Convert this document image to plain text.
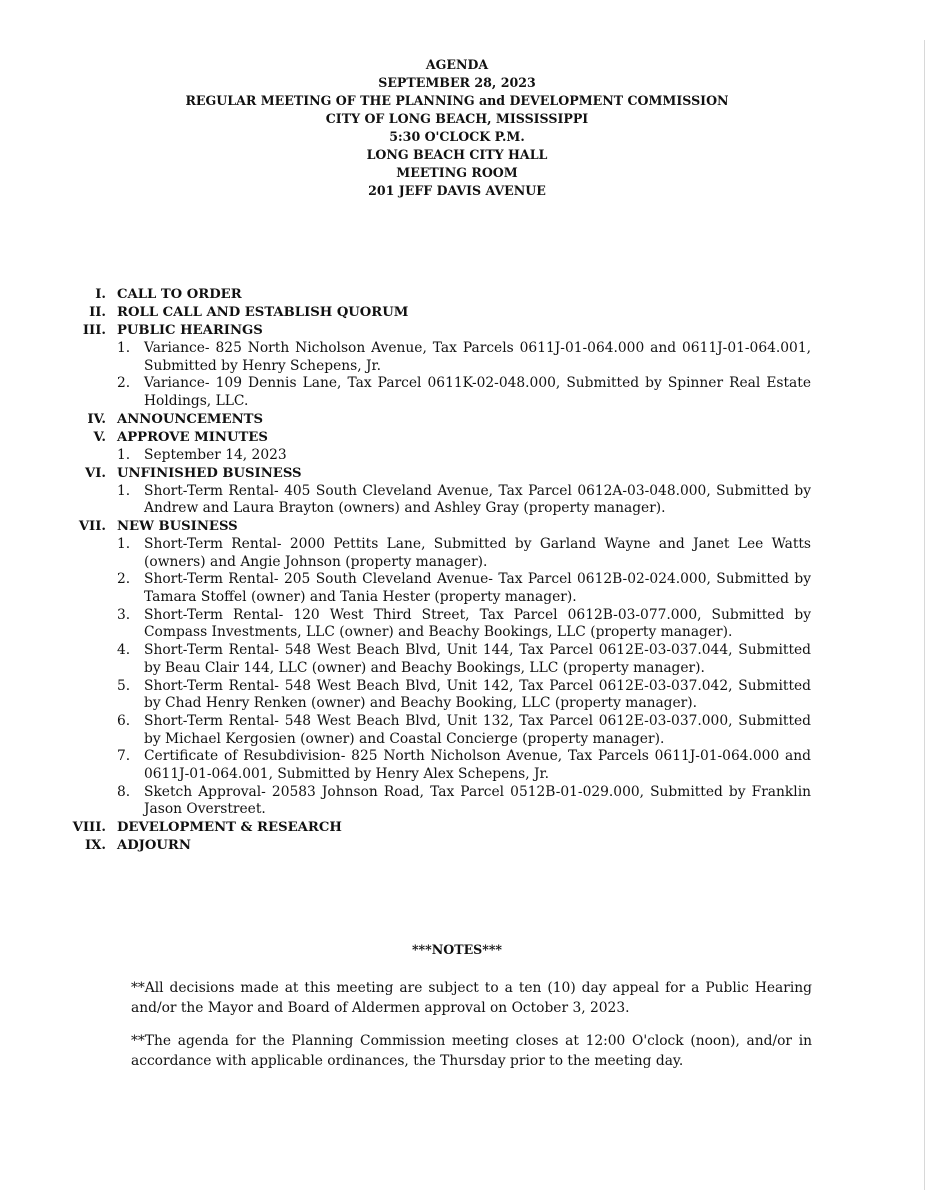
AGENDA
SEPTEMBER 28, 2023
REGULAR MEETING OF THE PLANNING and DEVELOPMENT COMMISSION
CITY OF LONG BEACH, MISSISSIPPI
5:30 O'CLOCK P.M.
LONG BEACH CITY HALL
MEETING ROOM
201 JEFF DAVIS AVENUE
I. CALL TO ORDER
II. ROLL CALL AND ESTABLISH QUORUM
III. PUBLIC HEARINGS
1.	Variance- 825 North Nicholson Avenue, Tax Parcels 0611J-01-064.000 and 0611J-01-064.001, Submitted by Henry Schepens, Jr.
2.	Variance- 109 Dennis Lane, Tax Parcel 0611K-02-048.000, Submitted by Spinner Real Estate Holdings, LLC.
IV. ANNOUNCEMENTS
V. APPROVE MINUTES
1.	September 14, 2023
VI. UNFINISHED BUSINESS
1.	Short-Term Rental- 405 South Cleveland Avenue, Tax Parcel 0612A-03-048.000, Submitted by Andrew and Laura Brayton (owners) and Ashley Gray (property manager).
VII. NEW BUSINESS
1.	Short-Term Rental- 2000 Pettits Lane, Submitted by Garland Wayne and Janet Lee Watts (owners) and Angie Johnson (property manager).
2.	Short-Term Rental- 205 South Cleveland Avenue- Tax Parcel 0612B-02-024.000, Submitted by Tamara Stoffel (owner) and Tania Hester (property manager).
3.	Short-Term Rental- 120 West Third Street, Tax Parcel 0612B-03-077.000, Submitted by Compass Investments, LLC (owner) and Beachy Bookings, LLC (property manager).
4.	Short-Term Rental- 548 West Beach Blvd, Unit 144, Tax Parcel 0612E-03-037.044, Submitted by Beau Clair 144, LLC (owner) and Beachy Bookings, LLC (property manager).
5.	Short-Term Rental- 548 West Beach Blvd, Unit 142, Tax Parcel 0612E-03-037.042, Submitted by Chad Henry Renken (owner) and Beachy Booking, LLC (property manager).
6.	Short-Term Rental- 548 West Beach Blvd, Unit 132, Tax Parcel 0612E-03-037.000, Submitted by Michael Kergosien (owner) and Coastal Concierge (property manager).
7.	Certificate of Resubdivision- 825 North Nicholson Avenue, Tax Parcels 0611J-01-064.000 and 0611J-01-064.001, Submitted by Henry Alex Schepens, Jr.
8.	Sketch Approval- 20583 Johnson Road, Tax Parcel 0512B-01-029.000, Submitted by Franklin Jason Overstreet.
VIII. DEVELOPMENT & RESEARCH
IX. ADJOURN
***NOTES***
**All decisions made at this meeting are subject to a ten (10) day appeal for a Public Hearing and/or the Mayor and Board of Aldermen approval on October 3, 2023.
**The agenda for the Planning Commission meeting closes at 12:00 O'clock (noon), and/or in accordance with applicable ordinances, the Thursday prior to the meeting day.
